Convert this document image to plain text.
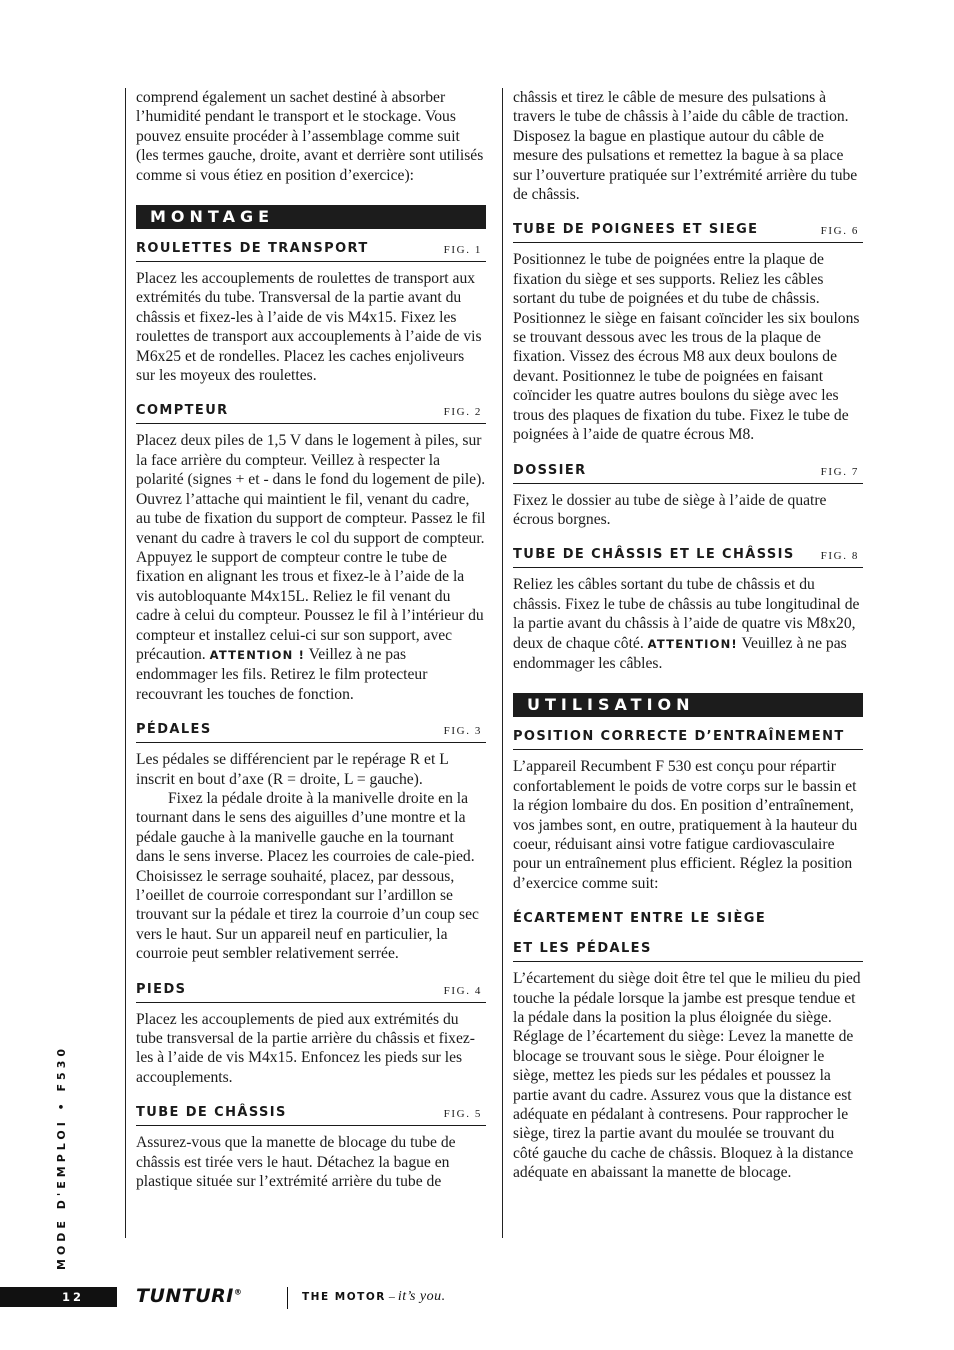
comprend également un sachet destiné à absorber l’humidité pendant le transport et le stockage. Vous pouvez ensuite procéder à l’assemblage comme suit (les termes gauche, droite, avant et derrière sont utilisés comme si vous étiez en position d’exercice):

MONTAGE
ROULETTES DE TRANSPORT	FIG. 1

Placez les accouplements de roulettes de transport aux extrémités du tube. Transversal de la partie avant du châssis et fixez-les à l’aide de vis M4x15. Fixez les roulettes de transport aux accouplements à l’aide de vis M6x25 et de rondelles. Placez les caches enjoliveurs sur les moyeux des roulettes.

COMPTEUR	FIG. 2

Placez deux piles de 1,5 V dans le logement à piles, sur la face arrière du compteur. Veillez à respecter la polarité (signes + et - dans le fond du logement de pile). Ouvrez l’attache qui maintient le fil, venant du cadre, au tube de fixation du support de compteur. Passez le fil venant du cadre à travers le col du support de compteur. Appuyez le support de compteur contre le tube de fixation en alignant les trous et fixez-le à l’aide de la vis autobloquante M4x15L. Reliez le fil venant du cadre à celui du compteur. Poussez le fil à l’intérieur du compteur et installez celui-ci sur son support, avec précaution. ATTENTION ! Veillez à ne pas endommager les fils. Retirez le film protecteur recouvrant les touches de fonction.

PÉDALES	FIG. 3

Les pédales se différencient par le repérage R et L inscrit en bout d’axe (R = droite, L = gauche).

Fixez la pédale droite à la manivelle droite en la tournant dans le sens des aiguilles d’une montre et la pédale gauche à la manivelle gauche en la tournant dans le sens inverse. Placez les courroies de cale-pied. Choisissez le serrage souhaité, placez, par dessous, l’oeillet de courroie correspondant sur l’ardillon se trouvant sur la pédale et tirez la courroie d’un coup sec vers le haut. Sur un appareil neuf en particulier, la courroie peut sembler relativement serrée.

PIEDS	FIG. 4

Placez les accouplements de pied aux extrémités du tube transversal de la partie arrière du châssis et fixez-les à l’aide de vis M4x15. Enfoncez les pieds sur les accouplements.

TUBE DE CHÂSSIS	FIG. 5

Assurez-vous que la manette de blocage du tube de châssis est tirée vers le haut. Détachez la bague en plastique située sur l’extrémité arrière du tube de

châssis et tirez le câble de mesure des pulsations à travers le tube de châssis à l’aide du câble de traction. Disposez la bague en plastique autour du câble de mesure des pulsations et remettez la bague à sa place sur l’ouverture pratiquée sur l’extrémité arrière du tube de châssis.

TUBE DE POIGNEES ET SIEGE	FIG. 6

Positionnez le tube de poignées entre la plaque de fixation du siège et ses supports. Reliez les câbles sortant du tube de poignées et du tube de châssis. Positionnez le siège en faisant coïncider les six boulons se trouvant dessous avec les trous de la plaque de fixation. Vissez des écrous M8 aux deux boulons de devant. Positionnez le tube de poignées en faisant coïncider les quatre autres boulons du siège avec les trous des plaques de fixation du tube. Fixez le tube de poignées à l’aide de quatre écrous M8.

DOSSIER	FIG. 7

Fixez le dossier au tube de siège à l’aide de quatre écrous borgnes.

TUBE DE CHÂSSIS ET LE CHÂSSIS FIG. 8

Reliez les câbles sortant du tube de châssis et du châssis. Fixez le tube de châssis au tube longitudinal de la partie avant du châssis à l’aide de quatre vis M8x20, deux de chaque côté. ATTENTION! Veuillez à ne pas endommager les câbles.

UTILISATION
POSITION CORRECTE D’ENTRAÎNEMENT

L’appareil Recumbent F 530 est conçu pour répartir confortablement le poids de votre corps sur le bassin et la région lombaire du dos. En position d’entraînement, vos jambes sont, en outre, pratiquement à la hauteur du coeur, réduisant ainsi votre fatigue cardiovasculaire pour un entraînement plus efficient. Réglez la position d’exercice comme suit:

ÉCARTEMENT ENTRE LE SIÈGE
ET LES PÉDALES

L’écartement du siège doit être tel que le milieu du pied touche la pédale lorsque la jambe est presque tendue et la pédale dans la position la plus éloignée du siège. Réglage de l’écartement du siège: Levez la manette de blocage se trouvant sous le siège. Pour éloigner le siège, mettez les pieds sur les pédales et poussez la partie avant du cadre. Assurez vous que la distance est adéquate en pédalant à contresens. Pour rapprocher le siège, tirez la partie avant du moulée se trouvant du côté gauche du cache de châssis. Bloquez à la distance adéquate en abaissant la manette de blocage.

MODE D'EMPLOI • F530
12	TUNTURI®	THE MOTOR – it’s you.
